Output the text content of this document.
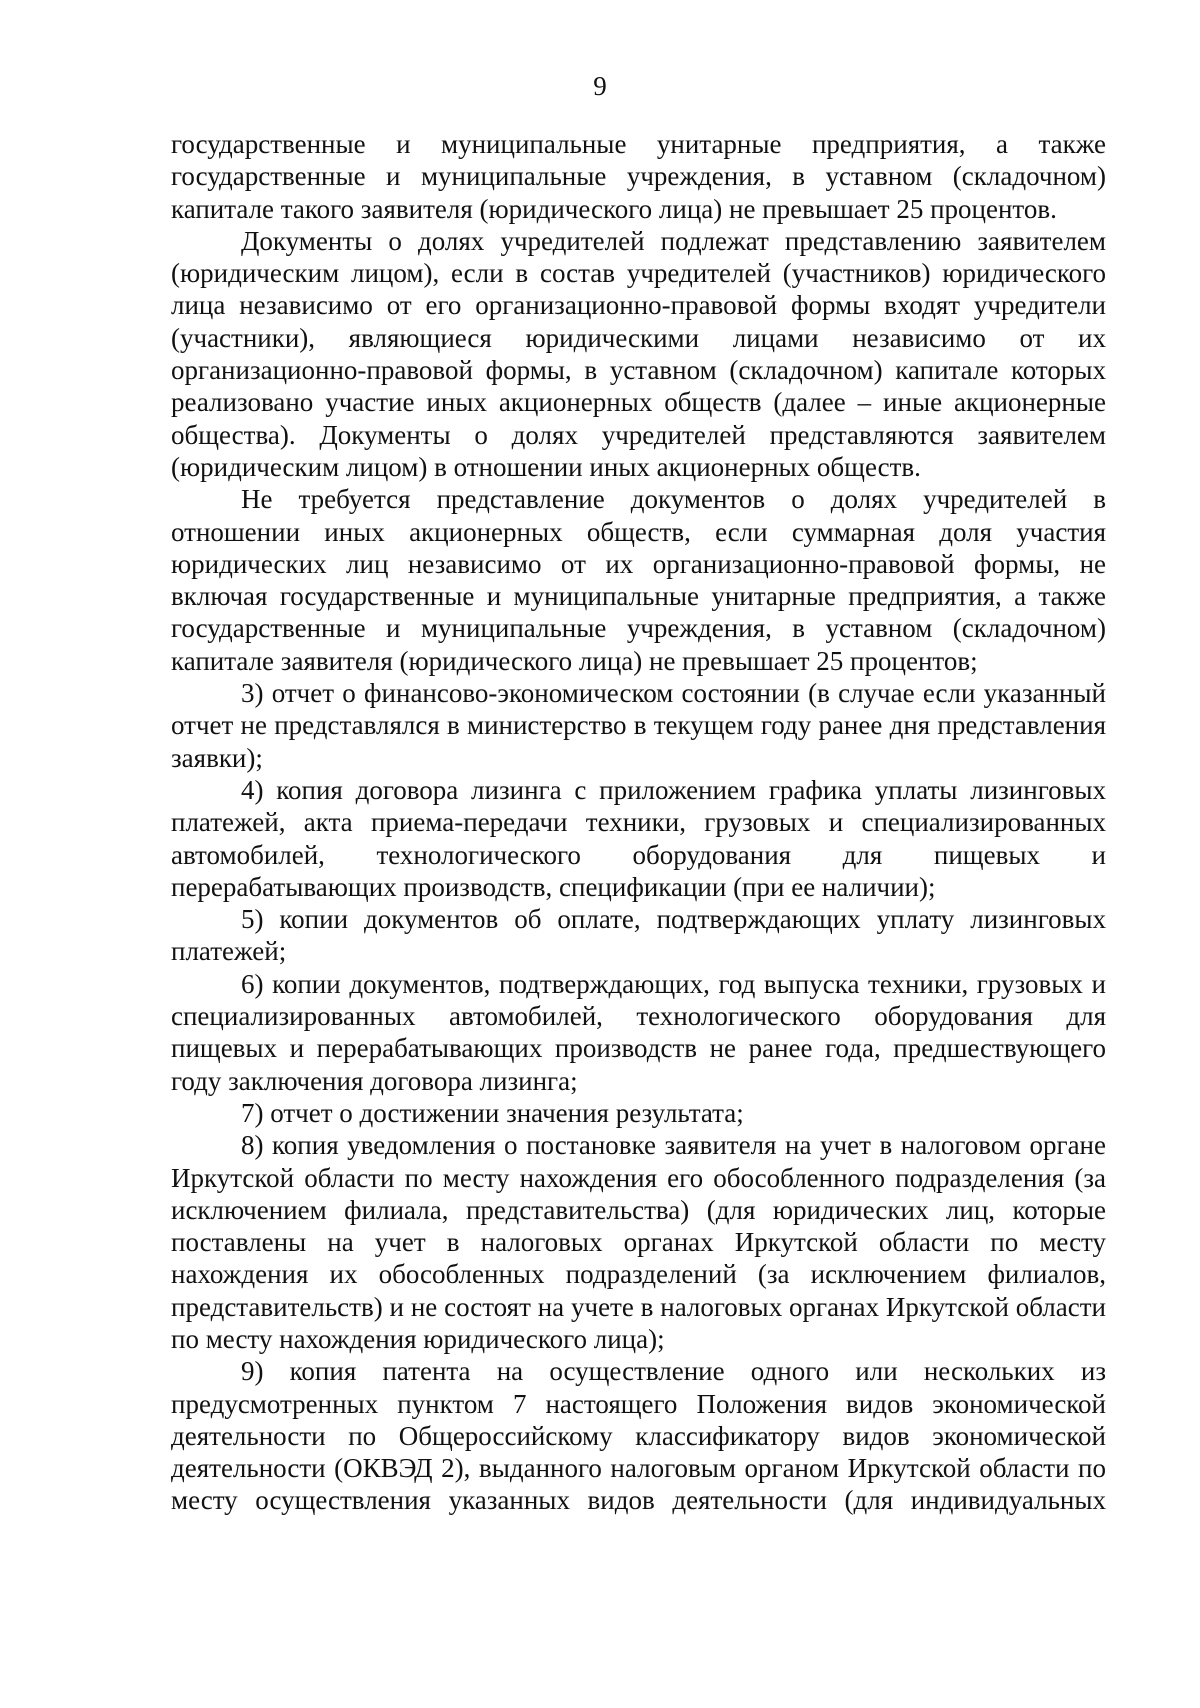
9

государственные и муниципальные унитарные предприятия, а также государственные и муниципальные учреждения, в уставном (складочном) капитале такого заявителя (юридического лица) не превышает 25 процентов.

Документы о долях учредителей подлежат представлению заявителем (юридическим лицом), если в состав учредителей (участников) юридического лица независимо от его организационно-правовой формы входят учредители (участники), являющиеся юридическими лицами независимо от их организационно-правовой формы, в уставном (складочном) капитале которых реализовано участие иных акционерных обществ (далее – иные акционерные общества). Документы о долях учредителей представляются заявителем (юридическим лицом) в отношении иных акционерных обществ.

Не требуется представление документов о долях учредителей в отношении иных акционерных обществ, если суммарная доля участия юридических лиц независимо от их организационно-правовой формы, не включая государственные и муниципальные унитарные предприятия, а также государственные и муниципальные учреждения, в уставном (складочном) капитале заявителя (юридического лица) не превышает 25 процентов;

3) отчет о финансово-экономическом состоянии (в случае если указанный отчет не представлялся в министерство в текущем году ранее дня представления заявки);

4) копия договора лизинга с приложением графика уплаты лизинговых платежей, акта приема-передачи техники, грузовых и специализированных автомобилей, технологического оборудования для пищевых и перерабатывающих производств, спецификации (при ее наличии);

5) копии документов об оплате, подтверждающих уплату лизинговых платежей;

6) копии документов, подтверждающих, год выпуска техники, грузовых и специализированных автомобилей, технологического оборудования для пищевых и перерабатывающих производств не ранее года, предшествующего году заключения договора лизинга;

7) отчет о достижении значения результата;

8) копия уведомления о постановке заявителя на учет в налоговом органе Иркутской области по месту нахождения его обособленного подразделения (за исключением филиала, представительства) (для юридических лиц, которые поставлены на учет в налоговых органах Иркутской области по месту нахождения их обособленных подразделений (за исключением филиалов, представительств) и не состоят на учете в налоговых органах Иркутской области по месту нахождения юридического лица);

9) копия патента на осуществление одного или нескольких из предусмотренных пунктом 7 настоящего Положения видов экономической деятельности по Общероссийскому классификатору видов экономической деятельности (ОКВЭД 2), выданного налоговым органом Иркутской области по месту осуществления указанных видов деятельности (для индивидуальных
